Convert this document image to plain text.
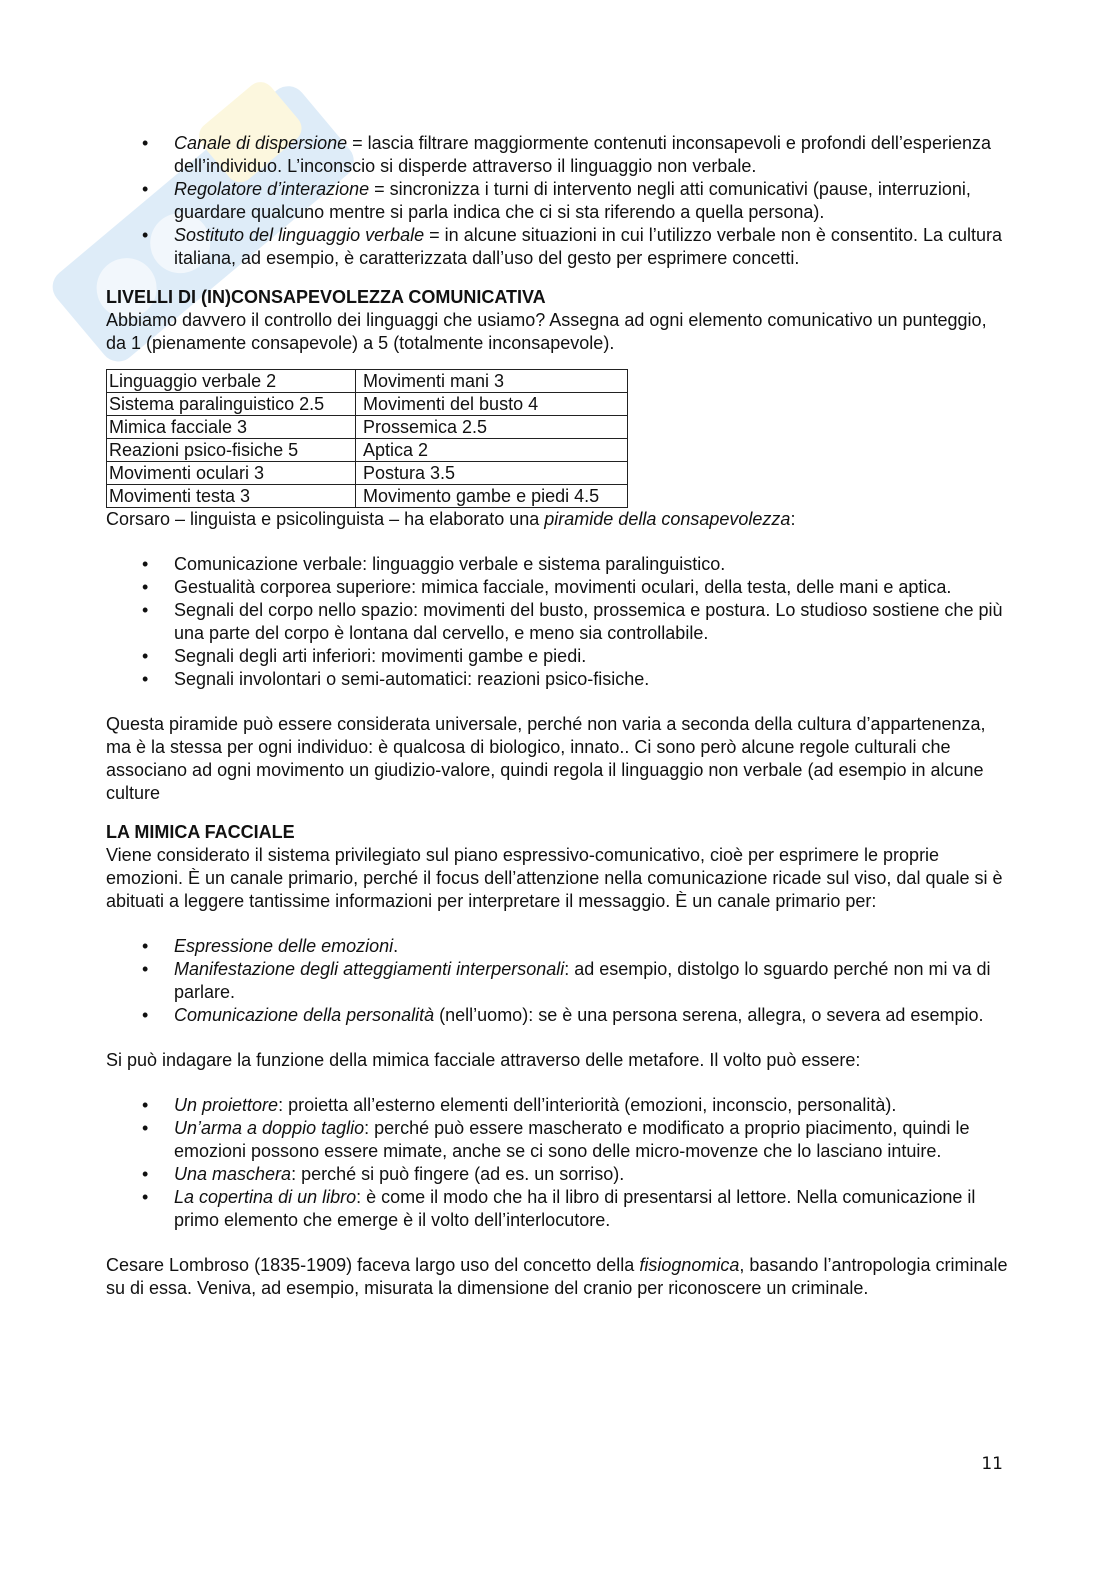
• Canale di dispersione = lascia filtrare maggiormente contenuti inconsapevoli e profondi dell’esperienza dell’individuo. L’inconscio si disperde attraverso il linguaggio non verbale.
• Regolatore d’interazione = sincronizza i turni di intervento negli atti comunicativi (pause, interruzioni, guardare qualcuno mentre si parla indica che ci si sta riferendo a quella persona).
• Sostituto del linguaggio verbale = in alcune situazioni in cui l’utilizzo verbale non è consentito. La cultura italiana, ad esempio, è caratterizzata dall’uso del gesto per esprimere concetti.
LIVELLI DI (IN)CONSAPEVOLEZZA COMUNICATIVA

Abbiamo davvero il controllo dei linguaggi che usiamo? Assegna ad ogni elemento comunicativo un punteggio, da 1 (pienamente consapevole) a 5 (totalmente inconsapevole).

Linguaggio verbale 2	Movimenti mani 3
Sistema paralinguistico 2.5	Movimenti del busto 4
Mimica facciale 3	Prossemica 2.5
Reazioni psico-fisiche 5	Aptica 2
Movimenti oculari 3	Postura 3.5
Movimenti testa 3	Movimento gambe e piedi 4.5

Corsaro – linguista e psicolinguista – ha elaborato una piramide della consapevolezza:

• Comunicazione verbale: linguaggio verbale e sistema paralinguistico.
• Gestualità corporea superiore: mimica facciale, movimenti oculari, della testa, delle mani e aptica.
• Segnali del corpo nello spazio: movimenti del busto, prossemica e postura. Lo studioso sostiene che più una parte del corpo è lontana dal cervello, e meno sia controllabile.
• Segnali degli arti inferiori: movimenti gambe e piedi.
• Segnali involontari o semi-automatici: reazioni psico-fisiche.

Questa piramide può essere considerata universale, perché non varia a seconda della cultura d’appartenenza, ma è la stessa per ogni individuo: è qualcosa di biologico, innato.. Ci sono però alcune regole culturali che associano ad ogni movimento un giudizio-valore, quindi regola il linguaggio non verbale (ad esempio in alcune culture

LA MIMICA FACCIALE

Viene considerato il sistema privilegiato sul piano espressivo-comunicativo, cioè per esprimere le proprie emozioni. È un canale primario, perché il focus dell’attenzione nella comunicazione ricade sul viso, dal quale si è abituati a leggere tantissime informazioni per interpretare il messaggio. È un canale primario per:

• Espressione delle emozioni.
• Manifestazione degli atteggiamenti interpersonali: ad esempio, distolgo lo sguardo perché non mi va di parlare.
• Comunicazione della personalità (nell’uomo): se è una persona serena, allegra, o severa ad esempio.

Si può indagare la funzione della mimica facciale attraverso delle metafore. Il volto può essere:

• Un proiettore: proietta all’esterno elementi dell’interiorità (emozioni, inconscio, personalità).
• Un’arma a doppio taglio: perché può essere mascherato e modificato a proprio piacimento, quindi le emozioni possono essere mimate, anche se ci sono delle micro-movenze che lo lasciano intuire.
• Una maschera: perché si può fingere (ad es. un sorriso).
• La copertina di un libro: è come il modo che ha il libro di presentarsi al lettore. Nella comunicazione il primo elemento che emerge è il volto dell’interlocutore.

Cesare Lombroso (1835-1909) faceva largo uso del concetto della fisiognomica, basando l’antropologia criminale su di essa. Veniva, ad esempio, misurata la dimensione del cranio per riconoscere un criminale.

11
